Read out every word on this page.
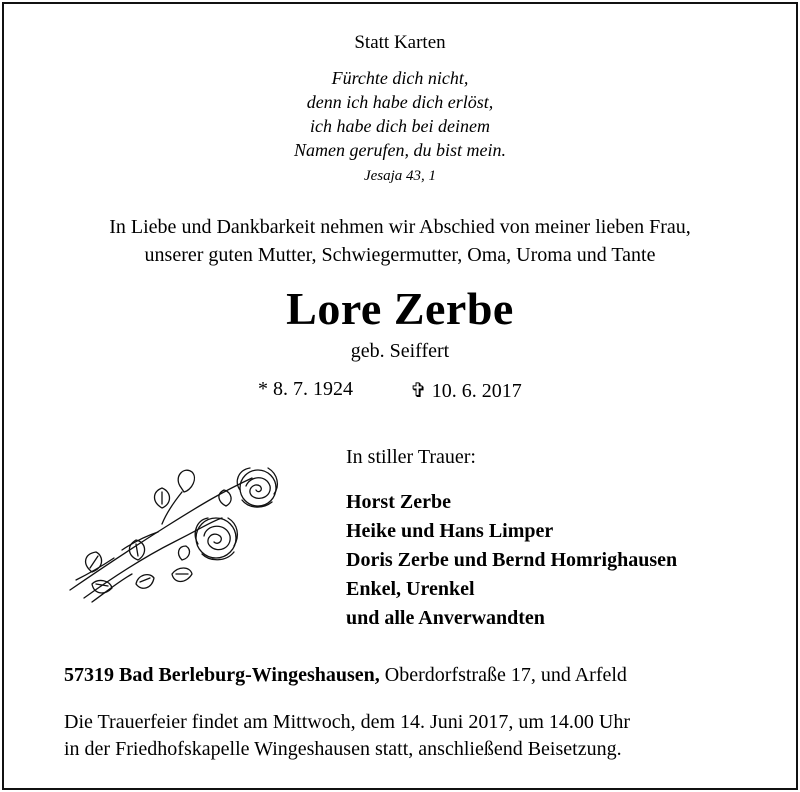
Statt Karten
Fürchte dich nicht,
denn ich habe dich erlöst,
ich habe dich bei deinem
Namen gerufen, du bist mein.
Jesaja 43, 1
In Liebe und Dankbarkeit nehmen wir Abschied von meiner lieben Frau,
unserer guten Mutter, Schwiegermutter, Oma, Uroma und Tante
Lore Zerbe
geb. Seiffert
* 8. 7. 1924	✞ 10. 6. 2017
In stiller Trauer:
Horst Zerbe
Heike und Hans Limper
Doris Zerbe und Bernd Homrighausen
Enkel, Urenkel
und alle Anverwandten
57319 Bad Berleburg-Wingeshausen, Oberdorfstraße 17, und Arfeld
Die Trauerfeier findet am Mittwoch, dem 14. Juni 2017, um 14.00 Uhr
in der Friedhofskapelle Wingeshausen statt, anschließend Beisetzung.
